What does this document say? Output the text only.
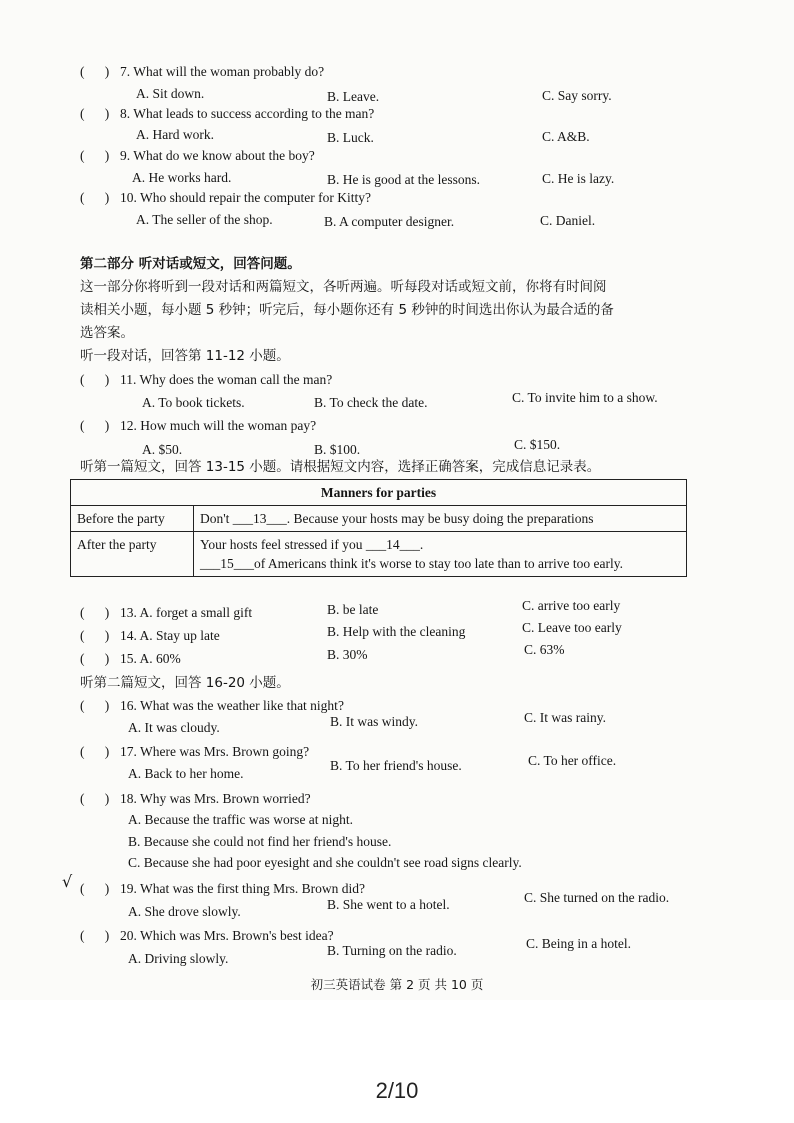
(      ) 7. What will the woman probably do?
A. Sit down.	B. Leave.	C. Say sorry.
(      ) 8. What leads to success according to the man?
A. Hard work.	B. Luck.	C. A&B.
(      ) 9. What do we know about the boy?
A. He works hard.	B. He is good at the lessons.	C. He is lazy.
(      ) 10. Who should repair the computer for Kitty?
A. The seller of the shop.	B. A computer designer.	C. Daniel.
第二部分 听对话或短文，回答问题。
这一部分你将听到一段对话和两篇短文，各听两遍。听每段对话或短文前，你将有时间阅
读相关小题，每小题 5 秒钟；听完后，每小题你还有 5 秒钟的时间选出你认为最合适的备
选答案。
听一段对话，回答第 11-12 小题。
(      ) 11. Why does the woman call the man?
A. To book tickets.	B. To check the date.	C. To invite him to a show.
(      ) 12. How much will the woman pay?
A. $50.	B. $100.	C. $150.
听第一篇短文，回答 13-15 小题。请根据短文内容，选择正确答案，完成信息记录表。
Manners for parties	
Before the party	Don't ___13___. Because your hosts may be busy doing the preparations
After the party	Your hosts feel stressed if you ___14___.
___15___of Americans think it's worse to stay too late than to arrive too early.
(      ) 13. A. forget a small gift	B. be late	C. arrive too early
(      ) 14. A. Stay up late	B. Help with the cleaning	C. Leave too early
(      ) 15. A. 60%	B. 30%	C. 63%
听第二篇短文，回答 16-20 小题。
(      ) 16. What was the weather like that night?
A. It was cloudy.	B. It was windy.	C. It was rainy.
(      ) 17. Where was Mrs. Brown going?
A. Back to her home.
B. To her friend's house.	C. To her office.
(      ) 18. Why was Mrs. Brown worried?
A. Because the traffic was worse at night.
B. Because she could not find her friend's house.
C. Because she had poor eyesight and she couldn't see road signs clearly.
√ (      ) 19. What was the first thing Mrs. Brown did?
A. She drove slowly.	B. She went to a hotel.	C. She turned on the radio.
(      ) 20. Which was Mrs. Brown's best idea?
A. Driving slowly.
B. Turning on the radio.	C. Being in a hotel.
初三英语试卷 第 2 页 共 10 页
2/10
